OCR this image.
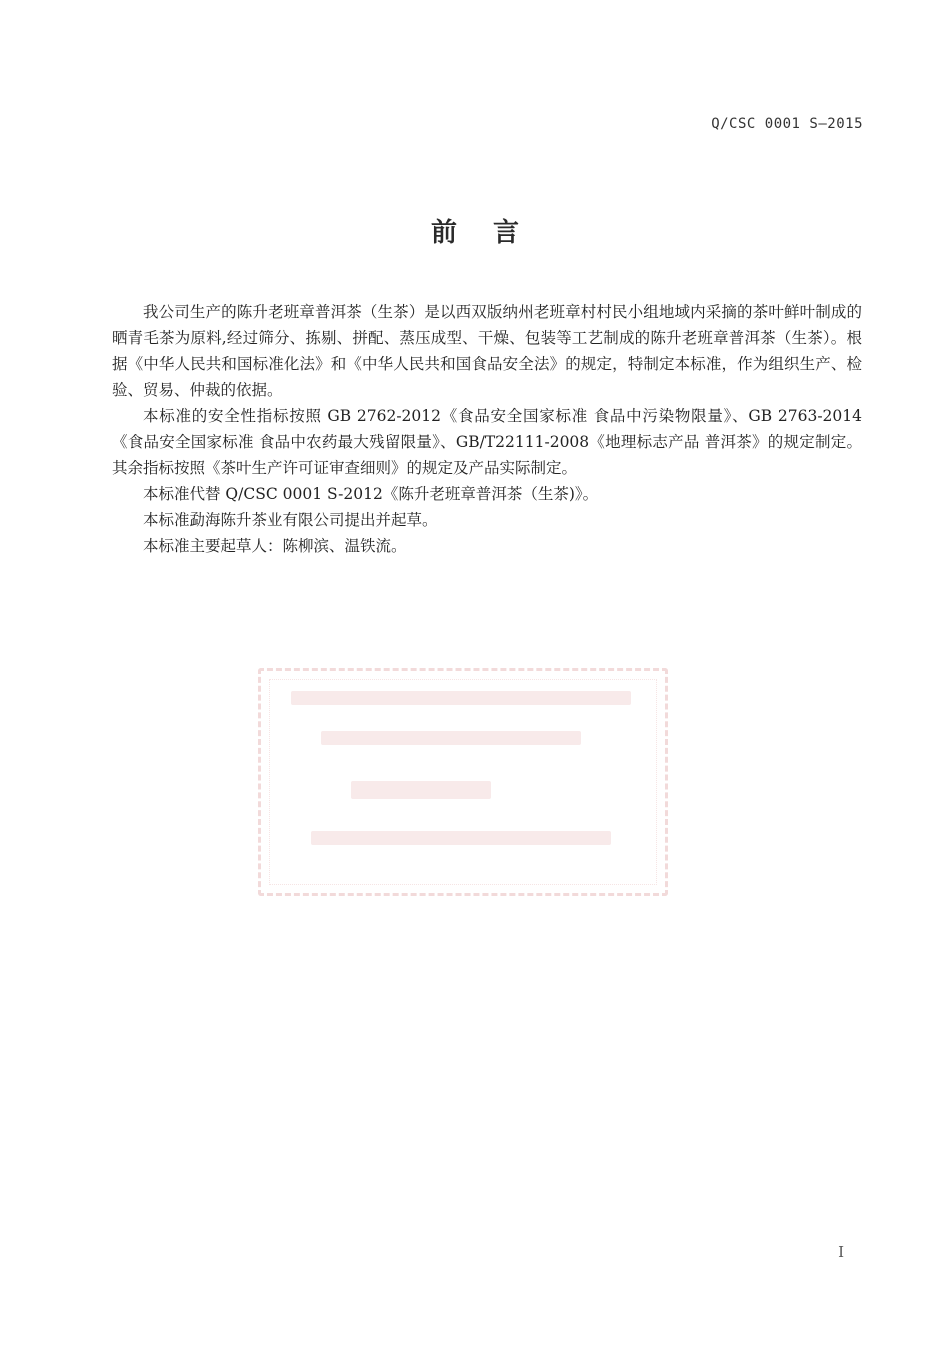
Q/CSC 0001 S—2015
前言

我公司生产的陈升老班章普洱茶（生茶）是以西双版纳州老班章村村民小组地域内采摘的茶叶鲜叶制成的晒青毛茶为原料,经过筛分、拣剔、拼配、蒸压成型、干燥、包装等工艺制成的陈升老班章普洱茶（生茶）。根据《中华人民共和国标准化法》和《中华人民共和国食品安全法》的规定，特制定本标准，作为组织生产、检验、贸易、仲裁的依据。

本标准的安全性指标按照 GB 2762-2012《食品安全国家标准 食品中污染物限量》、GB 2763-2014《食品安全国家标准 食品中农药最大残留限量》、GB/T22111-2008《地理标志产品 普洱茶》的规定制定。其余指标按照《茶叶生产许可证审查细则》的规定及产品实际制定。

本标准代替 Q/CSC 0001 S-2012《陈升老班章普洱茶（生茶)》。

本标准勐海陈升茶业有限公司提出并起草。

本标准主要起草人：陈柳滨、温铁流。

I
